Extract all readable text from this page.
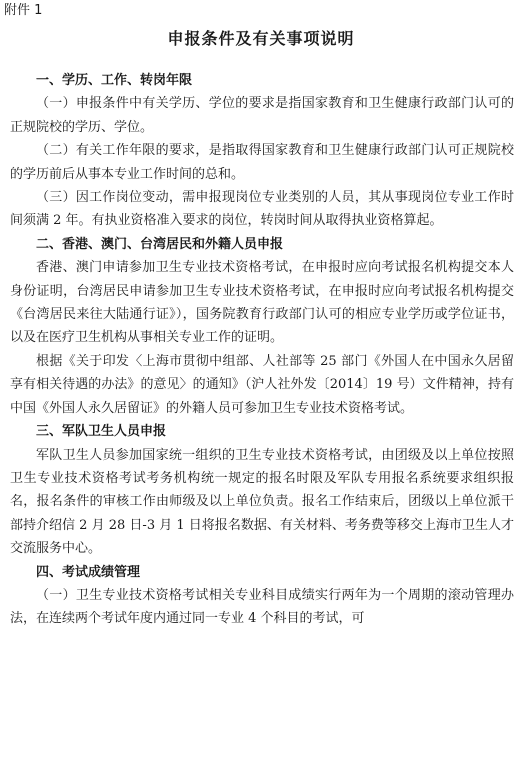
附件 1
申报条件及有关事项说明

一、学历、工作、转岗年限

（一）申报条件中有关学历、学位的要求是指国家教育和卫生健康行政部门认可的正规院校的学历、学位。

（二）有关工作年限的要求，是指取得国家教育和卫生健康行政部门认可正规院校的学历前后从事本专业工作时间的总和。

（三）因工作岗位变动，需申报现岗位专业类别的人员，其从事现岗位专业工作时间须满 2 年。有执业资格准入要求的岗位，转岗时间从取得执业资格算起。

二、香港、澳门、台湾居民和外籍人员申报

香港、澳门申请参加卫生专业技术资格考试，在申报时应向考试报名机构提交本人身份证明，台湾居民申请参加卫生专业技术资格考试，在申报时应向考试报名机构提交《台湾居民来往大陆通行证》），国务院教育行政部门认可的相应专业学历或学位证书，以及在医疗卫生机构从事相关专业工作的证明。

根据《关于印发〈上海市贯彻中组部、人社部等 25 部门《外国人在中国永久居留享有相关待遇的办法》的意见〉的通知》（沪人社外发〔2014〕19 号）文件精神，持有中国《外国人永久居留证》的外籍人员可参加卫生专业技术资格考试。

三、军队卫生人员申报

军队卫生人员参加国家统一组织的卫生专业技术资格考试，由团级及以上单位按照卫生专业技术资格考试考务机构统一规定的报名时限及军队专用报名系统要求组织报名，报名条件的审核工作由师级及以上单位负责。报名工作结束后，团级以上单位派干部持介绍信 2 月 28 日-3 月 1 日将报名数据、有关材料、考务费等移交上海市卫生人才交流服务中心。

四、考试成绩管理

（一）卫生专业技术资格考试相关专业科目成绩实行两年为一个周期的滚动管理办法，在连续两个考试年度内通过同一专业 4 个科目的考试，可
